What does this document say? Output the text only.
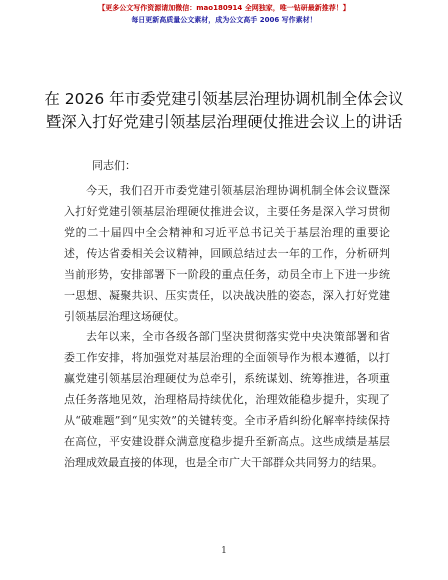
【更多公文写作资源请加微信：mao180914 全网独家，唯一钻研最新推荐！】
每日更新高质量公文素材，成为公文高手 2006 写作素材！
在 2026 年市委党建引领基层治理协调机制全体会议暨深入打好党建引领基层治理硬仗推进会议上的讲话
同志们：

今天，我们召开市委党建引领基层治理协调机制全体会议暨深入打好党建引领基层治理硬仗推进会议，主要任务是深入学习贯彻党的二十届四中全会精神和习近平总书记关于基层治理的重要论述，传达省委相关会议精神，回顾总结过去一年的工作，分析研判当前形势，安排部署下一阶段的重点任务，动员全市上下进一步统一思想、凝聚共识、压实责任，以决战决胜的姿态，深入打好党建引领基层治理这场硬仗。

去年以来，全市各级各部门坚决贯彻落实党中央决策部署和省委工作安排，将加强党对基层治理的全面领导作为根本遵循，以打赢党建引领基层治理硬仗为总牵引，系统谋划、统筹推进，各项重点任务落地见效，治理格局持续优化，治理效能稳步提升，实现了从“破难题”到“见实效”的关键转变。全市矛盾纠纷化解率持续保持在高位，平安建设群众满意度稳步提升至新高点。这些成绩是基层治理成效最直接的体现，也是全市广大干部群众共同努力的结果。

1
